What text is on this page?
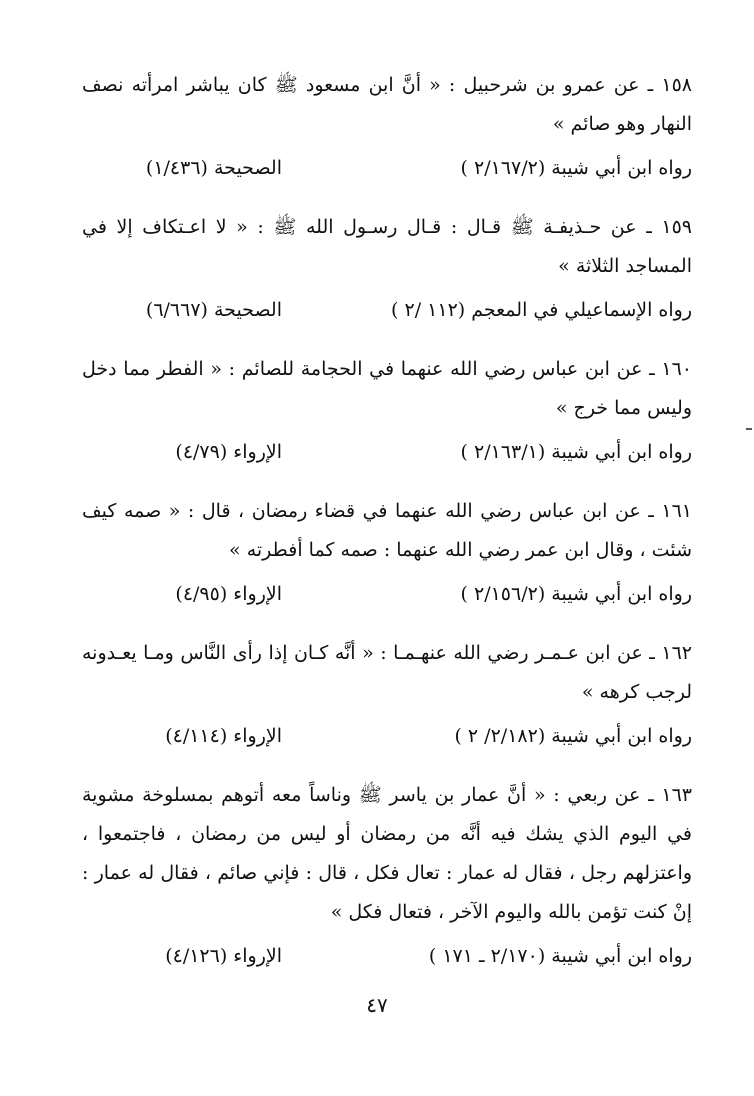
١٥٨ ـ عن عمرو بن شرحبيل : « أنَّ ابن مسعود ﷺ كان يباشر امرأته نصف النهار وهو صائم »

رواه ابن أبي شيبة (٢/١٦٧/٢ )
الصحيحة (١/٤٣٦)

١٥٩ ـ عن حـذيفـة ﷺ قـال : قـال رسـول الله ﷺ : « لا اعـتكاف إلا في المساجد الثلاثة »

رواه الإسماعيلي في المعجم (١١٢ /٢ )
الصحيحة (٦/٦٦٧)

١٦٠ ـ عن ابن عباس رضي الله عنهما في الحجامة للصائم : « الفطر مما دخل وليس مما خرج »

رواه ابن أبي شيبة (٢/١٦٣/١ )
الإرواء (٤/٧٩)

١٦١ ـ عن ابن عباس رضي الله عنهما في قضاء رمضان ، قال : « صمه كيف شئت ، وقال ابن عمر رضي الله عنهما : صمه كما أفطرته »

رواه ابن أبي شيبة (٢/١٥٦/٢ )
الإرواء (٤/٩٥)

١٦٢ ـ عن ابن عـمـر رضي الله عنهـمـا : « أنَّه كـان إذا رأى النَّاس ومـا يعـدونه لرجب كرهه »

رواه ابن أبي شيبة (٢/١٨٢/ ٢ )
الإرواء (٤/١١٤)

١٦٣ ـ عن ربعي : « أنَّ عمار بن ياسر ﷺ وناساً معه أتوهم بمسلوخة مشوية في اليوم الذي يشك فيه أنَّه من رمضان أو ليس من رمضان ، فاجتمعوا ، واعتزلهم رجل ، فقال له عمار : تعال فكل ، قال : فإني صائم ، فقال له عمار : إنْ كنت تؤمن بالله واليوم الآخر ، فتعال فكل »

رواه ابن أبي شيبة (٢/١٧٠ ـ ١٧١ )
الإرواء (٤/١٢٦)
٤٧
